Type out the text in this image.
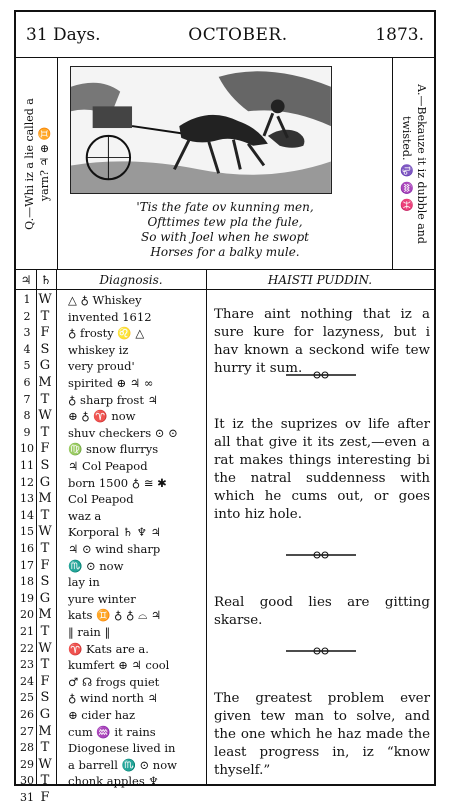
31 Days.	OCTOBER.	1873.
Q.—Whi iz a lie called a yarn? ♃ ⊕ ♊
'Tis the fate ov kunning men,
Ofttimes tew pla the fule,
So with Joel when he swopt
Horses for a balky mule.
A.—Bekauze it iz dubble and
twisted. ♑ ♒ ♓
♃ ♄	Diagnosis.	HAISTI PUDDIN.
Thare aint nothing that iz a sure kure for lazyness, but i hav known a seckond wife tew hurry it sum.
It iz the suprizes ov life after all that give it its zest,—even a rat makes things interesting bi the natral suddenness with which he cums out, or goes into hiz hole.
Real good lies are gitting skarse.
The greatest problem ever given tew man to solve, and the one which he haz made the least progress in, iz “know thyself.”
1 W △ ♁ Whiskey
2 T invented 1612
3 F ♁ frosty ♌ △
4 S whiskey iz
5 G very proud'
6 M spirited ⊕ ♃ ∞
7 T ♁ sharp frost ♃
8 W ⊕ ♁ ♈ now
9 T shuv checkers ⊙ ⊙
10 F ♍ snow flurrys
11 S ♃ Col Peapod
12 G born 1500 ♁ ≅ ✱
13 M Col Peapod
14 T waz a
15 W Korporal ♄ ♆ ♃
16 T ♃ ⊙ wind sharp
17 F ♏ ⊙ now
18 S lay in
19 G yure winter
20 M kats ♊ ♁ ♁ ⌓ ♃
21 T ‖ rain ‖
22 W ♈ Kats are a.
23 T kumfert ⊕ ♃ cool
24 F ♂ ☊ frogs quiet
25 S ♁ wind north ♃
26 G ⊕ cider haz
27 M cum ♒ it rains
28 T Diogonese lived in
29 W a barrell ♏ ⊙ now
30 T chonk apples ♆
31 F
